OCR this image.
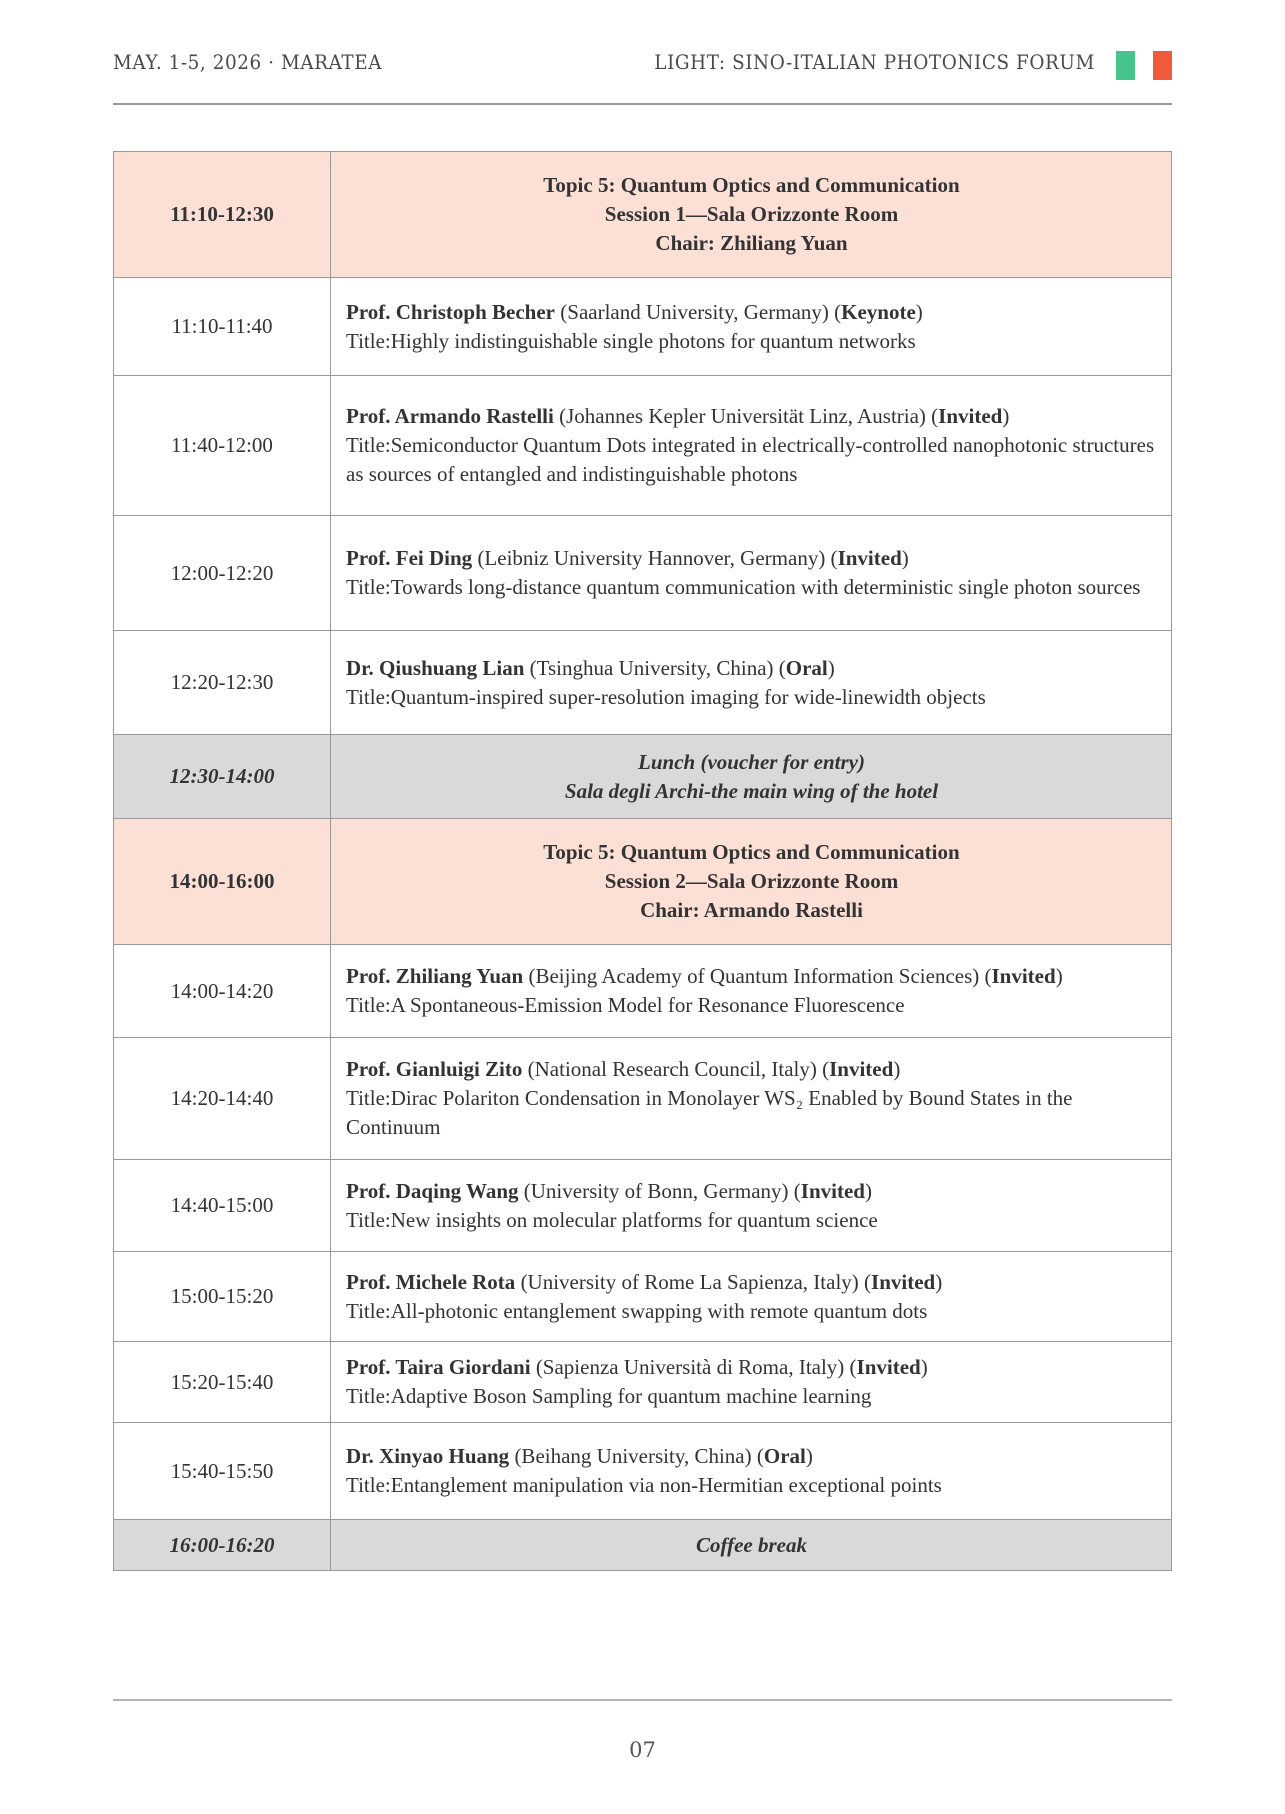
MAY. 1-5, 2026 · MARATEA	LIGHT: SINO-ITALIAN PHOTONICS FORUM
11:10-12:30	Topic 5: Quantum Optics and Communication
Session 1—Sala Orizzonte Room
Chair: Zhiliang Yuan

11:10-11:40	Prof. Christoph Becher (Saarland University, Germany) (Keynote)
Title:Highly indistinguishable single photons for quantum networks

11:40-12:00	Prof. Armando Rastelli (Johannes Kepler Universität Linz, Austria) (Invited)
Title:Semiconductor Quantum Dots integrated in electrically-controlled nanophotonic structures as sources of entangled and indistinguishable photons

12:00-12:20	Prof. Fei Ding (Leibniz University Hannover, Germany) (Invited)
Title:Towards long-distance quantum communication with deterministic single photon sources

12:20-12:30	Dr. Qiushuang Lian (Tsinghua University, China) (Oral)
Title:Quantum-inspired super-resolution imaging for wide-linewidth objects

12:30-14:00	Lunch (voucher for entry)
Sala degli Archi-the main wing of the hotel

14:00-16:00	Topic 5: Quantum Optics and Communication
Session 2—Sala Orizzonte Room
Chair: Armando Rastelli

14:00-14:20	Prof. Zhiliang Yuan (Beijing Academy of Quantum Information Sciences) (Invited)
Title:A Spontaneous-Emission Model for Resonance Fluorescence

14:20-14:40	Prof. Gianluigi Zito (National Research Council, Italy) (Invited)
Title:Dirac Polariton Condensation in Monolayer WS₂ Enabled by Bound States in the Continuum

14:40-15:00	Prof. Daqing Wang (University of Bonn, Germany) (Invited)
Title:New insights on molecular platforms for quantum science

15:00-15:20	Prof. Michele Rota (University of Rome La Sapienza, Italy) (Invited)
Title:All-photonic entanglement swapping with remote quantum dots

15:20-15:40	Prof. Taira Giordani (Sapienza Università di Roma, Italy) (Invited)
Title:Adaptive Boson Sampling for quantum machine learning

15:40-15:50	Dr. Xinyao Huang (Beihang University, China) (Oral)
Title:Entanglement manipulation via non-Hermitian exceptional points

16:00-16:20	Coffee break
07
